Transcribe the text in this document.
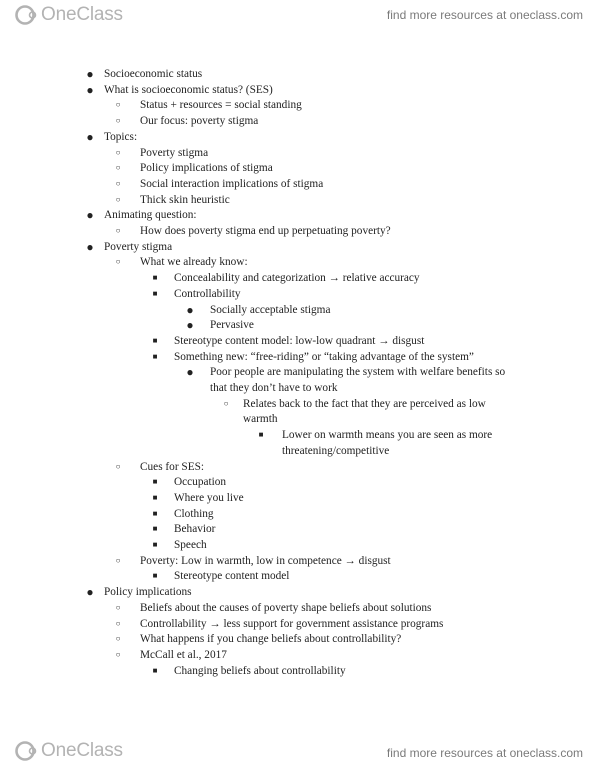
OneClass	find more resources at oneclass.com
● Socioeconomic status
● What is socioeconomic status? (SES)
○ Status + resources = social standing
○ Our focus: poverty stigma
● Topics:
○ Poverty stigma
○ Policy implications of stigma
○ Social interaction implications of stigma
○ Thick skin heuristic
● Animating question:
○ How does poverty stigma end up perpetuating poverty?
● Poverty stigma
○ What we already know:
■ Concealability and categorization → relative accuracy
■ Controllability
● Socially acceptable stigma
● Pervasive
■ Stereotype content model: low-low quadrant → disgust
■ Something new: “free-riding” or “taking advantage of the system”
● Poor people are manipulating the system with welfare benefits so
that they don’t have to work
○ Relates back to the fact that they are perceived as low
warmth
■ Lower on warmth means you are seen as more
threatening/competitive
○ Cues for SES:
■ Occupation
■ Where you live
■ Clothing
■ Behavior
■ Speech
○ Poverty: Low in warmth, low in competence → disgust
■ Stereotype content model
● Policy implications
○ Beliefs about the causes of poverty shape beliefs about solutions
○ Controllability → less support for government assistance programs
○ What happens if you change beliefs about controllability?
○ McCall et al., 2017
■ Changing beliefs about controllability
OneClass	find more resources at oneclass.com
